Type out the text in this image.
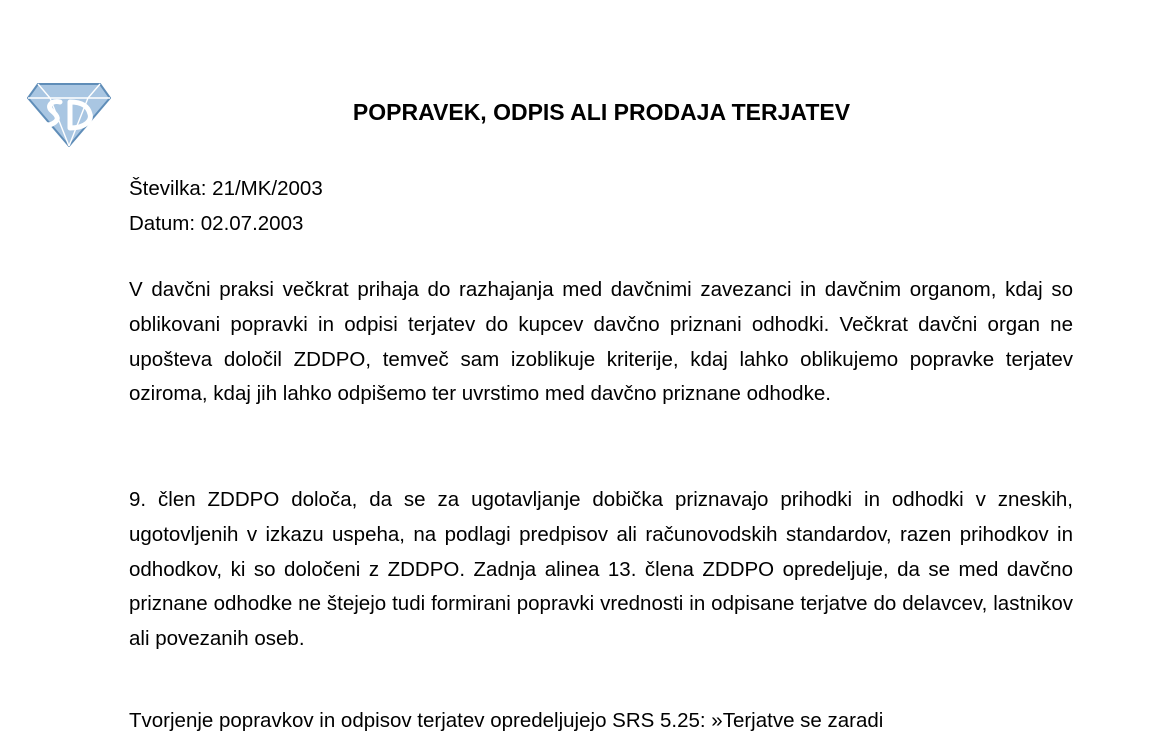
POPRAVEK, ODPIS ALI PRODAJA TERJATEV
Številka: 21/MK/2003
Datum: 02.07.2003

V davčni praksi večkrat prihaja do razhajanja med davčnimi zavezanci in davčnim organom, kdaj so oblikovani popravki in odpisi terjatev do kupcev davčno priznani odhodki. Večkrat davčni organ ne upošteva določil ZDDPO, temveč sam izoblikuje kriterije, kdaj lahko oblikujemo popravke terjatev oziroma, kdaj jih lahko odpišemo ter uvrstimo med davčno priznane odhodke.

9. člen ZDDPO določa, da se za ugotavljanje dobička priznavajo prihodki in odhodki v zneskih, ugotovljenih v izkazu uspeha, na podlagi predpisov ali računovodskih standardov, razen prihodkov in odhodkov, ki so določeni z ZDDPO. Zadnja alinea 13. člena ZDDPO opredeljuje, da se med davčno priznane odhodke ne štejejo tudi formirani popravki vrednosti in odpisane terjatve do delavcev, lastnikov ali povezanih oseb.

Tvorjenje popravkov in odpisov terjatev opredeljujejo SRS 5.25: »Terjatve se zaradi
